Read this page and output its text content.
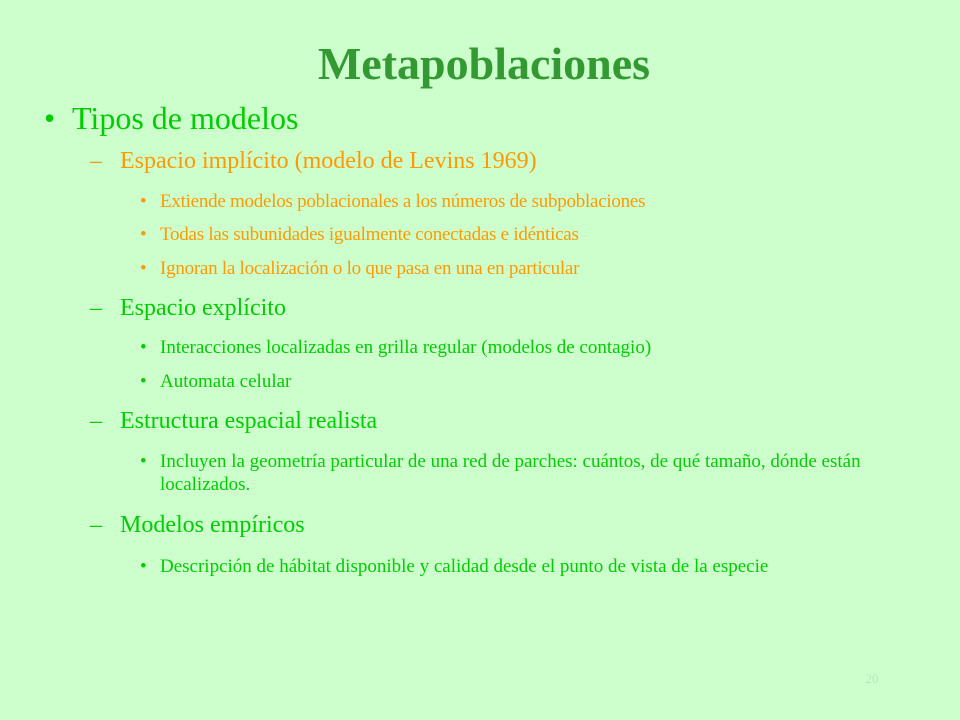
Metapoblaciones
• Tipos de modelos
– Espacio implícito (modelo de Levins 1969)
• Extiende modelos poblacionales a los números de subpoblaciones
• Todas las subunidades igualmente conectadas e idénticas
• Ignoran la localización o lo que pasa en una en particular
– Espacio explícito
• Interacciones localizadas en grilla regular (modelos de contagio)
• Automata celular
– Estructura espacial realista
• Incluyen la geometría particular de una red de parches: cuántos, de qué tamaño, dónde están localizados.
– Modelos empíricos
• Descripción de hábitat disponible y calidad desde el punto de vista de la especie
20
